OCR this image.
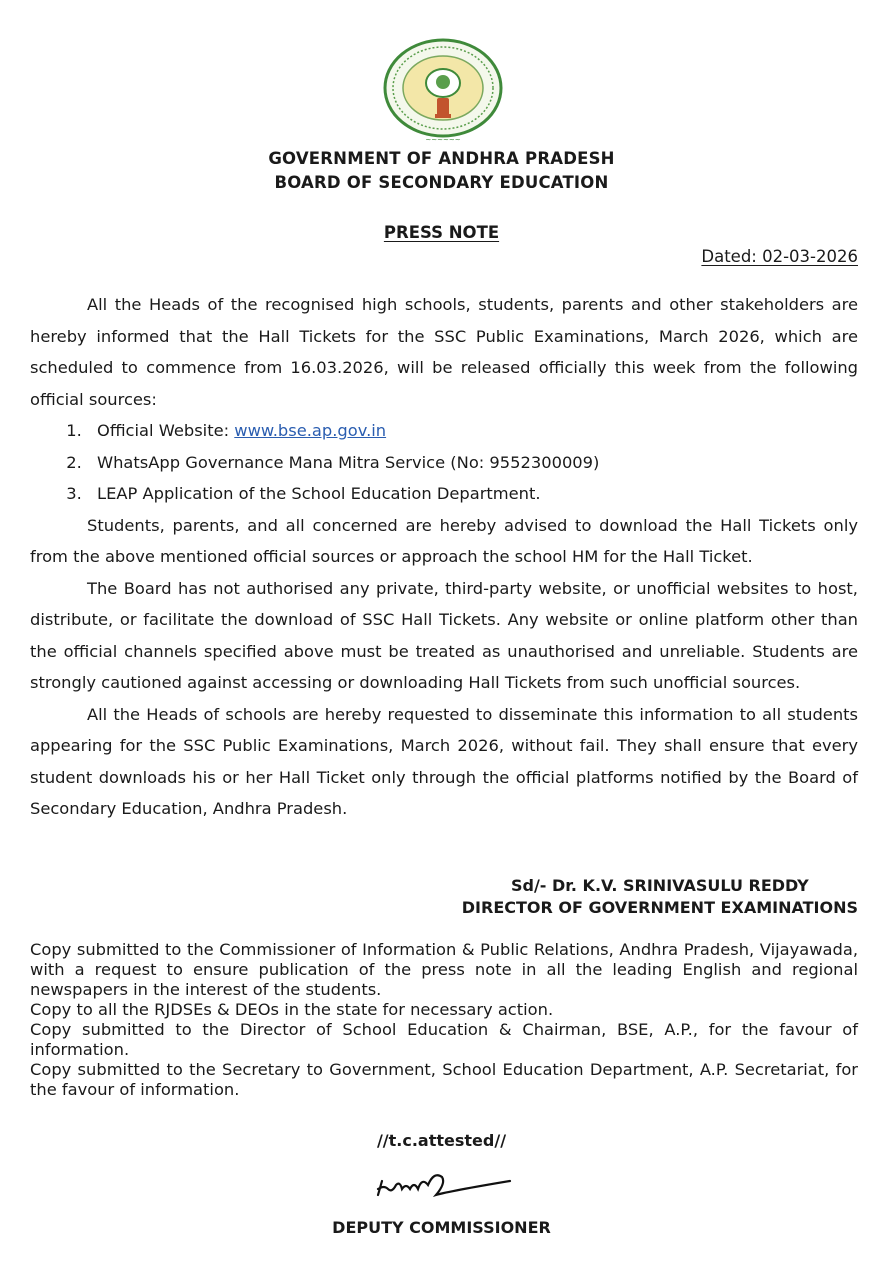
~~~~~~
GOVERNMENT OF ANDHRA PRADESH
BOARD OF SECONDARY EDUCATION
PRESS NOTE
Dated: 02-03-2026

All the Heads of the recognised high schools, students, parents and other stakeholders are hereby informed that the Hall Tickets for the SSC Public Examinations, March 2026, which are scheduled to commence from 16.03.2026, will be released officially this week from the following official sources:

1. Official Website: www.bse.ap.gov.in
2. WhatsApp Governance Mana Mitra Service (No: 9552300009)
3. LEAP Application of the School Education Department.

Students, parents, and all concerned are hereby advised to download the Hall Tickets only from the above mentioned official sources or approach the school HM for the Hall Ticket.

The Board has not authorised any private, third-party website, or unofficial websites to host, distribute, or facilitate the download of SSC Hall Tickets. Any website or online platform other than the official channels specified above must be treated as unauthorised and unreliable. Students are strongly cautioned against accessing or downloading Hall Tickets from such unofficial sources.

All the Heads of schools are hereby requested to disseminate this information to all students appearing for the SSC Public Examinations, March 2026, without fail. They shall ensure that every student downloads his or her Hall Ticket only through the official platforms notified by the Board of Secondary Education, Andhra Pradesh.

Sd/- Dr. K.V. SRINIVASULU REDDY
DIRECTOR OF GOVERNMENT EXAMINATIONS

Copy submitted to the Commissioner of Information & Public Relations, Andhra Pradesh, Vijayawada, with a request to ensure publication of the press note in all the leading English and regional newspapers in the interest of the students.

Copy to all the RJDSEs & DEOs in the state for necessary action.

Copy submitted to the Director of School Education & Chairman, BSE, A.P., for the favour of information.

Copy submitted to the Secretary to Government, School Education Department, A.P. Secretariat, for the favour of information.

//t.c.attested//
DEPUTY COMMISSIONER
